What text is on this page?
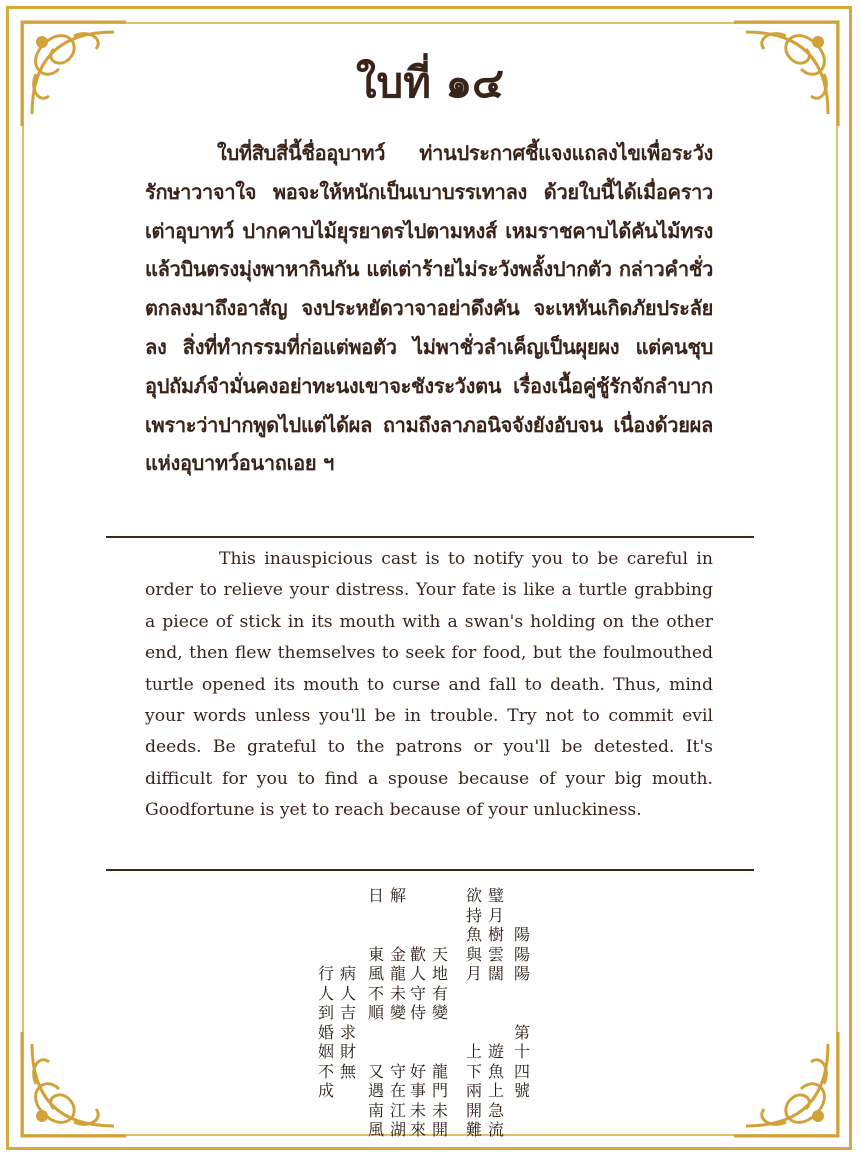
ใบที่ ๑๔

ใบที่สิบสี่นี้ชื่ออุบาทว์ ท่านประกาศชี้แจงแถลงไขเพื่อระวังรักษาวาจาใจ พอจะให้หนักเป็นเบาบรรเทาลง ด้วยใบนี้ได้เมื่อคราวเต่าอุบาทว์ ปากคาบไม้ยุรยาตรไปตามหงส์ เหมราชคาบได้คันไม้ทรง แล้วบินตรงมุ่งพาหากินกัน แต่เต่าร้ายไม่ระวังพลั้งปากตัว กล่าวคำชั่วตกลงมาถึงอาสัญ จงประหยัดวาจาอย่าดึงคัน จะเหหันเกิดภัยประลัยลง สิ่งที่ทำกรรมที่ก่อแต่พอตัว ไม่พาชั่วลำเค็ญเป็นผุยผง แต่คนชุบอุปถัมภ์จำมั่นคงอย่าทะนงเขาจะชังระวังตน เรื่องเนื้อคู่ชู้รักจักลำบาก เพราะว่าปากพูดไปแต่ได้ผล ถามถึงลาภอนิจจังยังอับจน เนื่องด้วยผลแห่งอุบาทว์อนาถเอย ฯ

This inauspicious cast is to notify you to be careful in order to relieve your distress. Your fate is like a turtle grabbing a piece of stick in its mouth with a swan's holding on the other end, then flew themselves to seek for food, but the foulmouthed turtle opened its mouth to curse and fall to death. Thus, mind your words unless you'll be in trouble. Try not to commit evil deeds. Be grateful to the patrons or you'll be detested. It's difficult for you to find a spouse because of your big mouth. Goodfortune is yet to reach because of your unluckiness.

第
十
四
號

陽
陽
陽

璧
月
樹
雲
闊

遊
魚
上
急
流

欲
持
魚
與
月

上
下
兩
開
難

天
地
有
變

龍
門
未
開

歡
人
守
侍

好
事
未
來

解

金
龍
未
變

守
在
江
湖

日

東
風
不
順

又
遇
南
風

病
人
吉
求
財
無

行
人
到
婚
姻
不
成
